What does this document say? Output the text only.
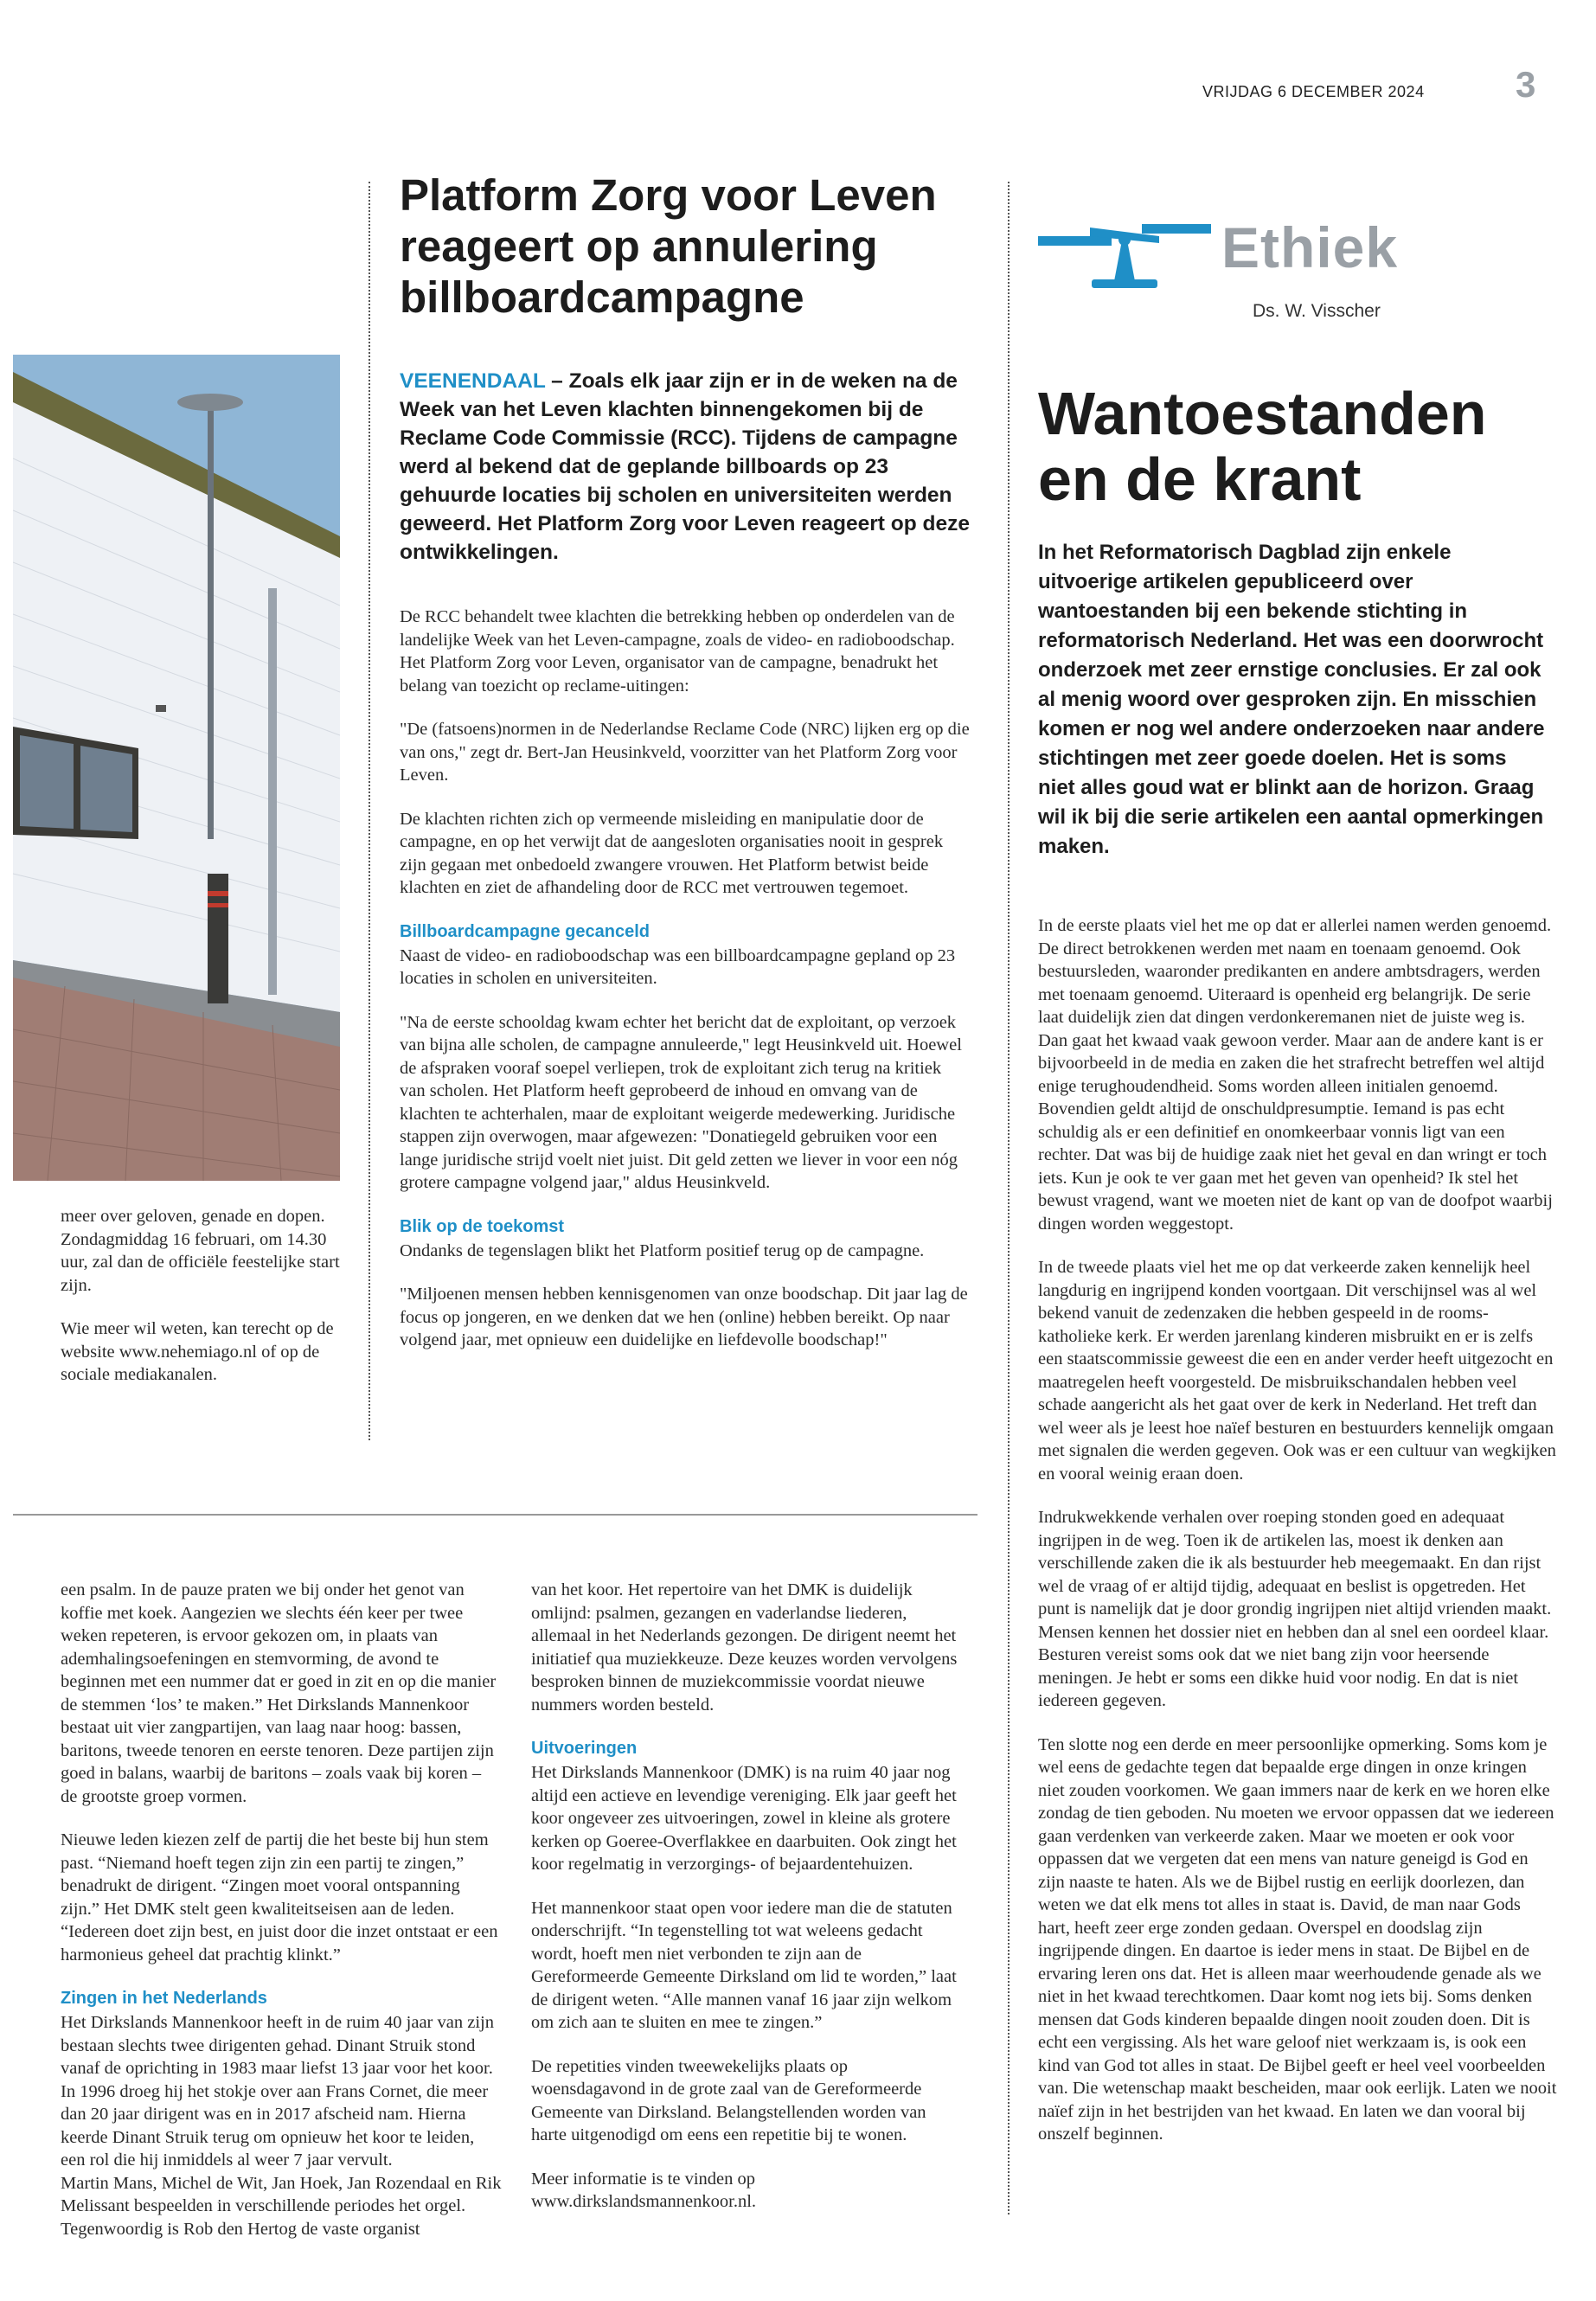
VRIJDAG 6 DECEMBER 2024	3

meer over geloven, genade en dopen. Zondagmiddag 16 februari, om 14.30 uur, zal dan de officiële feestelijke start zijn.

Wie meer wil weten, kan terecht op de website www.nehemiago.nl of op de sociale mediakanalen.

Platform Zorg voor Leven reageert op annulering billboardcampagne
VEENENDAAL – Zoals elk jaar zijn er in de weken na de Week van het Leven klachten binnengekomen bij de Reclame Code Commissie (RCC). Tijdens de campagne werd al bekend dat de geplande billboards op 23 gehuurde locaties bij scholen en universiteiten werden geweerd. Het Platform Zorg voor Leven reageert op deze ontwikkelingen.

De RCC behandelt twee klachten die betrekking hebben op onderdelen van de landelijke Week van het Leven-campagne, zoals de video- en radioboodschap. Het Platform Zorg voor Leven, organisator van de campagne, benadrukt het belang van toezicht op reclame-uitingen:

"De (fatsoens)normen in de Nederlandse Reclame Code (NRC) lijken erg op die van ons," zegt dr. Bert-Jan Heusinkveld, voorzitter van het Platform Zorg voor Leven.

De klachten richten zich op vermeende misleiding en manipulatie door de campagne, en op het verwijt dat de aangesloten organisaties nooit in gesprek zijn gegaan met onbedoeld zwangere vrouwen. Het Platform betwist beide klachten en ziet de afhandeling door de RCC met vertrouwen tegemoet.

Billboardcampagne gecanceld

Naast de video- en radioboodschap was een billboardcampagne gepland op 23 locaties in scholen en universiteiten.

"Na de eerste schooldag kwam echter het bericht dat de exploitant, op verzoek van bijna alle scholen, de campagne annuleerde," legt Heusinkveld uit. Hoewel de afspraken vooraf soepel verliepen, trok de exploitant zich terug na kritiek van scholen. Het Platform heeft geprobeerd de inhoud en omvang van de klachten te achterhalen, maar de exploitant weigerde medewerking. Juridische stappen zijn overwogen, maar afgewezen: "Donatiegeld gebruiken voor een lange juridische strijd voelt niet juist. Dit geld zetten we liever in voor een nóg grotere campagne volgend jaar," aldus Heusinkveld.

Blik op de toekomst

Ondanks de tegenslagen blikt het Platform positief terug op de campagne.

"Miljoenen mensen hebben kennisgenomen van onze boodschap. Dit jaar lag de focus op jongeren, en we denken dat we hen (online) hebben bereikt. Op naar volgend jaar, met opnieuw een duidelijke en liefdevolle boodschap!"

Ethiek
Ds. W. Visscher
Wantoestanden en de krant
In het Reformatorisch Dagblad zijn enkele uitvoerige artikelen gepubliceerd over wantoestanden bij een bekende stichting in reformatorisch Nederland. Het was een doorwrocht onderzoek met zeer ernstige conclusies. Er zal ook al menig woord over gesproken zijn. En misschien komen er nog wel andere onderzoeken naar andere stichtingen met zeer goede doelen. Het is soms niet alles goud wat er blinkt aan de horizon. Graag wil ik bij die serie artikelen een aantal opmerkingen maken.

In de eerste plaats viel het me op dat er allerlei namen werden genoemd. De direct betrokkenen werden met naam en toenaam genoemd. Ook bestuursleden, waaronder predikanten en andere ambtsdragers, werden met toenaam genoemd. Uiteraard is openheid erg belangrijk. De serie laat duidelijk zien dat dingen verdonkeremanen niet de juiste weg is. Dan gaat het kwaad vaak gewoon verder. Maar aan de andere kant is er bijvoorbeeld in de media en zaken die het strafrecht betreffen wel altijd enige terughoudendheid. Soms worden alleen initialen genoemd. Bovendien geldt altijd de onschuldpresumptie. Iemand is pas echt schuldig als er een definitief en onomkeerbaar vonnis ligt van een rechter. Dat was bij de huidige zaak niet het geval en dan wringt er toch iets. Kun je ook te ver gaan met het geven van openheid? Ik stel het bewust vragend, want we moeten niet de kant op van de doofpot waarbij dingen worden weggestopt.

In de tweede plaats viel het me op dat verkeerde zaken kennelijk heel langdurig en ingrijpend konden voortgaan. Dit verschijnsel was al wel bekend vanuit de zedenzaken die hebben gespeeld in de rooms-katholieke kerk. Er werden jarenlang kinderen misbruikt en er is zelfs een staatscommissie geweest die een en ander verder heeft uitgezocht en maatregelen heeft voorgesteld. De misbruikschandalen hebben veel schade aangericht als het gaat over de kerk in Nederland. Het treft dan wel weer als je leest hoe naïef besturen en bestuurders kennelijk omgaan met signalen die werden gegeven. Ook was er een cultuur van wegkijken en vooral weinig eraan doen.

Indrukwekkende verhalen over roeping stonden goed en adequaat ingrijpen in de weg. Toen ik de artikelen las, moest ik denken aan verschillende zaken die ik als bestuurder heb meegemaakt. En dan rijst wel de vraag of er altijd tijdig, adequaat en beslist is opgetreden. Het punt is namelijk dat je door grondig ingrijpen niet altijd vrienden maakt. Mensen kennen het dossier niet en hebben dan al snel een oordeel klaar. Besturen vereist soms ook dat we niet bang zijn voor heersende meningen. Je hebt er soms een dikke huid voor nodig. En dat is niet iedereen gegeven.

Ten slotte nog een derde en meer persoonlijke opmerking. Soms kom je wel eens de gedachte tegen dat bepaalde erge dingen in onze kringen niet zouden voorkomen. We gaan immers naar de kerk en we horen elke zondag de tien geboden. Nu moeten we ervoor oppassen dat we iedereen gaan verdenken van verkeerde zaken. Maar we moeten er ook voor oppassen dat we vergeten dat een mens van nature geneigd is God en zijn naaste te haten. Als we de Bijbel rustig en eerlijk doorlezen, dan weten we dat elk mens tot alles in staat is. David, de man naar Gods hart, heeft zeer erge zonden gedaan. Overspel en doodslag zijn ingrijpende dingen. En daartoe is ieder mens in staat. De Bijbel en de ervaring leren ons dat. Het is alleen maar weerhoudende genade als we niet in het kwaad terechtkomen. Daar komt nog iets bij. Soms denken mensen dat Gods kinderen bepaalde dingen nooit zouden doen. Dit is echt een vergissing. Als het ware geloof niet werkzaam is, is ook een kind van God tot alles in staat. De Bijbel geeft er heel veel voorbeelden van. Die wetenschap maakt bescheiden, maar ook eerlijk. Laten we nooit naïef zijn in het bestrijden van het kwaad. En laten we dan vooral bij onszelf beginnen.

een psalm. In de pauze praten we bij onder het genot van koffie met koek. Aangezien we slechts één keer per twee weken repeteren, is ervoor gekozen om, in plaats van ademhalingsoefeningen en stemvorming, de avond te beginnen met een nummer dat er goed in zit en op die manier de stemmen ‘los’ te maken.” Het Dirkslands Mannenkoor bestaat uit vier zangpartijen, van laag naar hoog: bassen, baritons, tweede tenoren en eerste tenoren. Deze partijen zijn goed in balans, waarbij de baritons – zoals vaak bij koren – de grootste groep vormen.

Nieuwe leden kiezen zelf de partij die het beste bij hun stem past. “Niemand hoeft tegen zijn zin een partij te zingen,” benadrukt de dirigent. “Zingen moet vooral ontspanning zijn.” Het DMK stelt geen kwaliteitseisen aan de leden. “Iedereen doet zijn best, en juist door die inzet ontstaat er een harmonieus geheel dat prachtig klinkt.”

Zingen in het Nederlands

Het Dirkslands Mannenkoor heeft in de ruim 40 jaar van zijn bestaan slechts twee dirigenten gehad. Dinant Struik stond vanaf de oprichting in 1983 maar liefst 13 jaar voor het koor. In 1996 droeg hij het stokje over aan Frans Cornet, die meer dan 20 jaar dirigent was en in 2017 afscheid nam. Hierna keerde Dinant Struik terug om opnieuw het koor te leiden, een rol die hij inmiddels al weer 7 jaar vervult.

Martin Mans, Michel de Wit, Jan Hoek, Jan Rozendaal en Rik Melissant bespeelden in verschillende periodes het orgel. Tegenwoordig is Rob den Hertog de vaste organist

van het koor. Het repertoire van het DMK is duidelijk omlijnd: psalmen, gezangen en vaderlandse liederen, allemaal in het Nederlands gezongen. De dirigent neemt het initiatief qua muziekkeuze. Deze keuzes worden vervolgens besproken binnen de muziekcommissie voordat nieuwe nummers worden besteld.

Uitvoeringen

Het Dirkslands Mannenkoor (DMK) is na ruim 40 jaar nog altijd een actieve en levendige vereniging. Elk jaar geeft het koor ongeveer zes uitvoeringen, zowel in kleine als grotere kerken op Goeree-Overflakkee en daarbuiten. Ook zingt het koor regelmatig in verzorgings- of bejaardentehuizen.

Het mannenkoor staat open voor iedere man die de statuten onderschrijft. “In tegenstelling tot wat weleens gedacht wordt, hoeft men niet verbonden te zijn aan de Gereformeerde Gemeente Dirksland om lid te worden,” laat de dirigent weten. “Alle mannen vanaf 16 jaar zijn welkom om zich aan te sluiten en mee te zingen.”

De repetities vinden tweewekelijks plaats op woensdagavond in de grote zaal van de Gereformeerde Gemeente van Dirksland. Belangstellenden worden van harte uitgenodigd om eens een repetitie bij te wonen.

Meer informatie is te vinden op www.dirkslandsmannenkoor.nl.
